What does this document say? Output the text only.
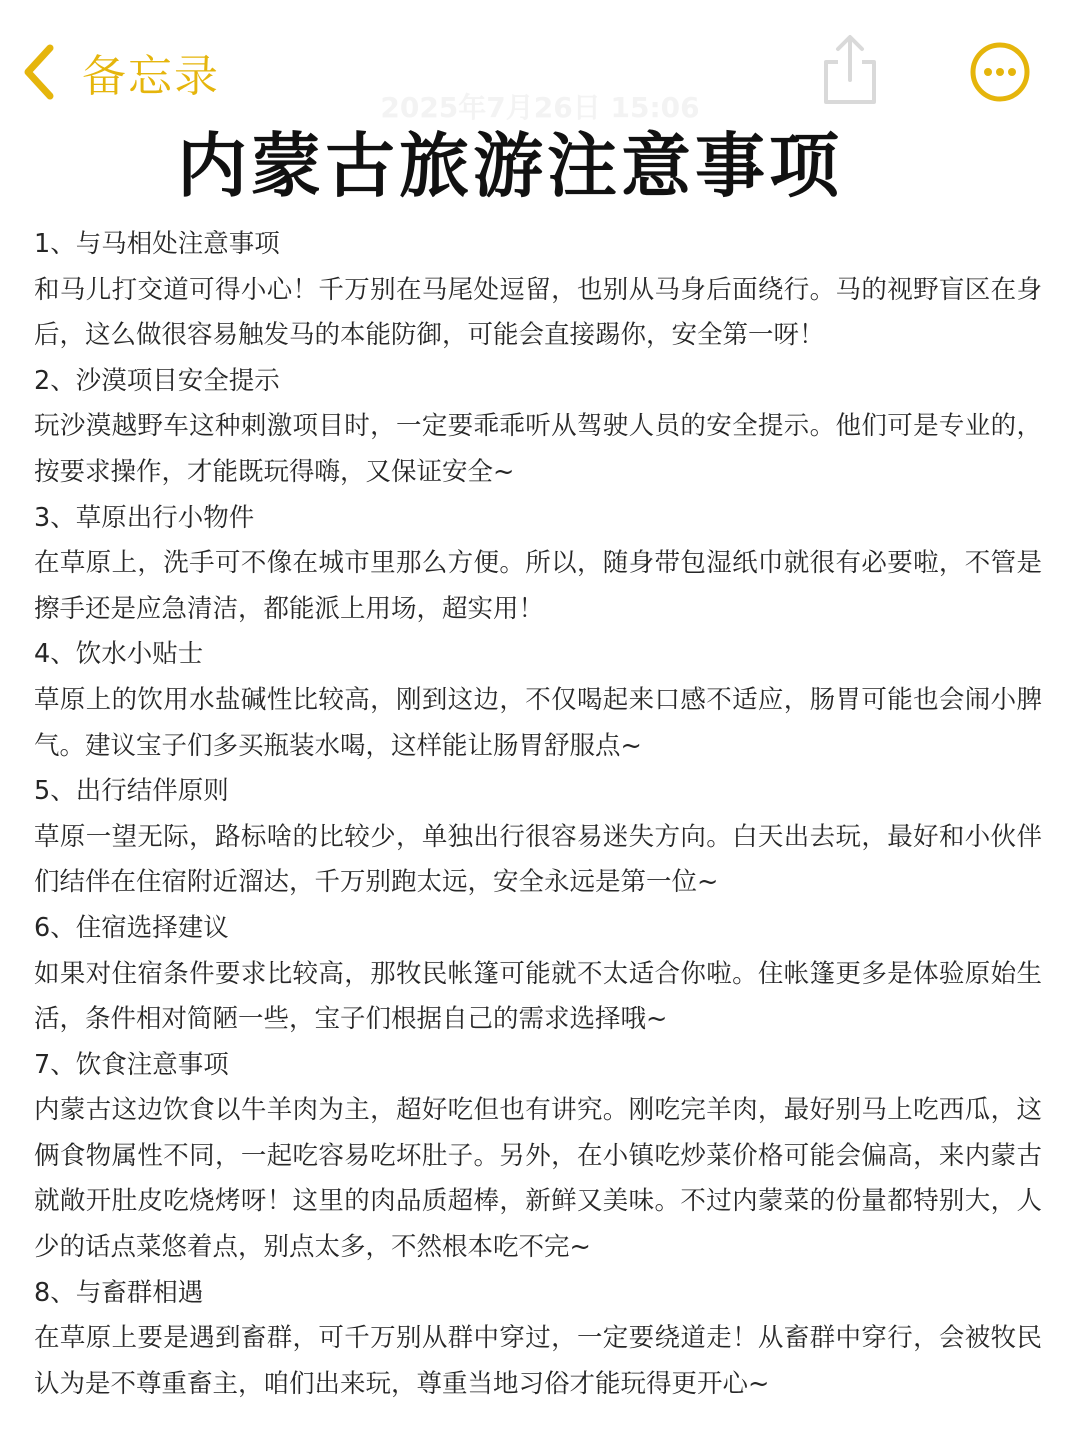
备忘录
2025年7月26日 15:06
内蒙古旅游注意事项

1、与马相处注意事项

和马儿打交道可得小心！千万别在马尾处逗留，也别从马身后面绕行。马的视野盲区在身后，这么做很容易触发马的本能防御，可能会直接踢你，安全第一呀！

2、沙漠项目安全提示

玩沙漠越野车这种刺激项目时，一定要乖乖听从驾驶人员的安全提示。他们可是专业的，按要求操作，才能既玩得嗨，又保证安全~

3、草原出行小物件

在草原上，洗手可不像在城市里那么方便。所以，随身带包湿纸巾就很有必要啦，不管是擦手还是应急清洁，都能派上用场，超实用！

4、饮水小贴士

草原上的饮用水盐碱性比较高，刚到这边，不仅喝起来口感不适应，肠胃可能也会闹小脾气。建议宝子们多买瓶装水喝，这样能让肠胃舒服点~

5、出行结伴原则

草原一望无际，路标啥的比较少，单独出行很容易迷失方向。白天出去玩，最好和小伙伴们结伴在住宿附近溜达，千万别跑太远，安全永远是第一位~

6、住宿选择建议

如果对住宿条件要求比较高，那牧民帐篷可能就不太适合你啦。住帐篷更多是体验原始生活，条件相对简陋一些，宝子们根据自己的需求选择哦~

7、饮食注意事项

内蒙古这边饮食以牛羊肉为主，超好吃但也有讲究。刚吃完羊肉，最好别马上吃西瓜，这俩食物属性不同，一起吃容易吃坏肚子。另外，在小镇吃炒菜价格可能会偏高，来内蒙古就敞开肚皮吃烧烤呀！这里的肉品质超棒，新鲜又美味。不过内蒙菜的份量都特别大，人少的话点菜悠着点，别点太多，不然根本吃不完~

8、与畜群相遇

在草原上要是遇到畜群，可千万别从群中穿过，一定要绕道走！从畜群中穿行，会被牧民认为是不尊重畜主，咱们出来玩，尊重当地习俗才能玩得更开心~
